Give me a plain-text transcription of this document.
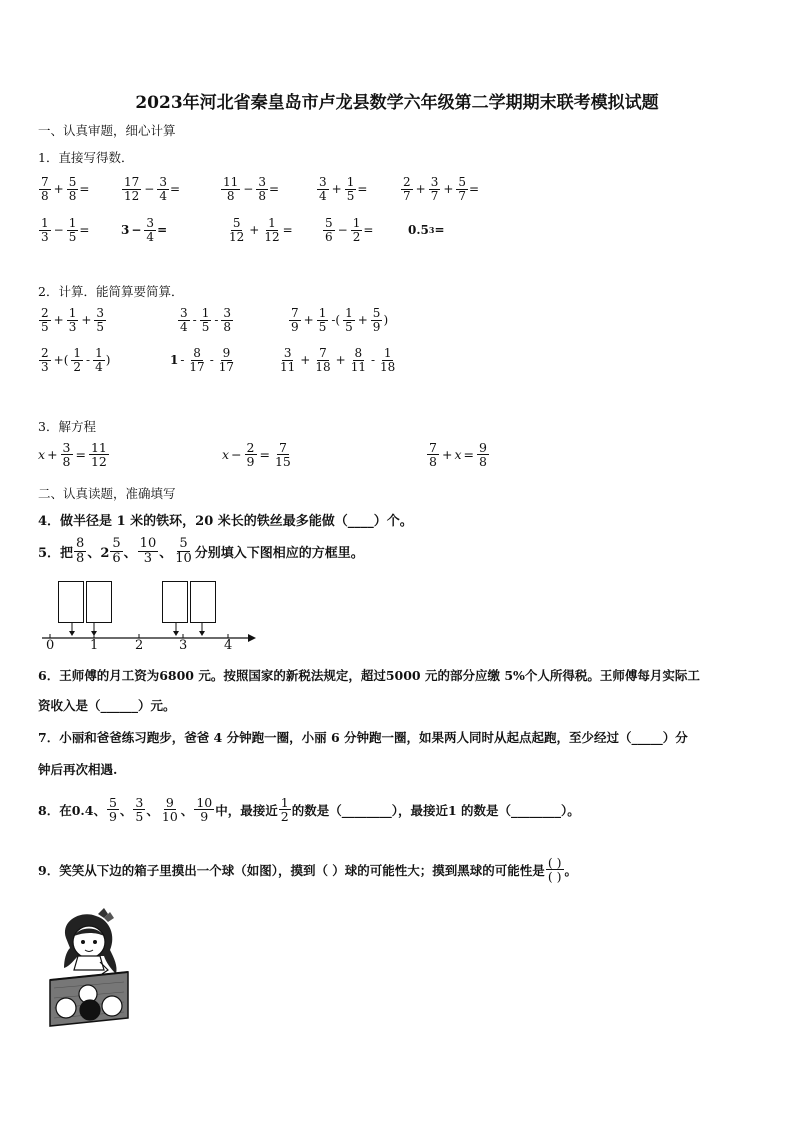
2023年河北省秦皇岛市卢龙县数学六年级第二学期期末联考模拟试题
一、认真审题，细心计算
1．直接写得数．
$\frac{7}{8} + \frac{5}{8}$ =	$\frac{17}{12} - \frac{3}{4}$ =	$\frac{11}{8} - \frac{3}{8}$ =	$\frac{3}{4} + \frac{1}{5}$ =	$\frac{2}{7} + \frac{3}{7} + \frac{5}{7}$ =
$\frac{1}{3} - \frac{1}{5}$ =	$3 - \frac{3}{4}$ =	$\frac{5}{12} + \frac{1}{12}$ =	$\frac{5}{6} - \frac{1}{2}$ =	0.5 3 =
2．计算．能简算要简算．
$\frac{2}{5} + \frac{1}{3} + \frac{3}{5}$	$\frac{3}{4} - \frac{1}{5} - \frac{3}{8}$	$\frac{7}{9} + \frac{1}{5}$ -( $\frac{1}{5} + \frac{5}{9}$ )
$\frac{2}{3}$ +( $\frac{1}{2} - \frac{1}{4}$ )	$1 - \frac{8}{17} - \frac{9}{17}$	$\frac{3}{11} + \frac{7}{18} + \frac{8}{11} - \frac{1}{18}$
3．解方程
$x + \frac{3}{8} = \frac{11}{12}$	$x - \frac{2}{9} = \frac{7}{15}$	$\frac{7}{8} + x = \frac{9}{8}$
二、认真读题，准确填写
4．做半径是 1 米的铁环，20 米长的铁丝最多能做（____）个。
5．把 $\frac{8}{8}$ 、$2 \frac{5}{6}$ 、 $\frac{10}{3}$ 、 $\frac{5}{10}$ 分别填入下图相应的方框里。
0	1	2	3	4
6．王师傅的月工资为6800 元。按照国家的新税法规定，超过5000 元的部分应缴 5%个人所得税。王师傅每月实际工
资收入是（______）元。
7．小丽和爸爸练习跑步，爸爸 4 分钟跑一圈，小丽 6 分钟跑一圈，如果两人同时从起点起跑，至少经过（_____）分
钟后再次相遇.
8．在0.4、 $\frac{5}{9}$ 、 $\frac{3}{5}$ 、 $\frac{9}{10}$ 、 $\frac{10}{9}$ 中，最接近 $\frac{1}{2}$ 的数是（________），最接近1 的数是（________）。
9．笑笑从下边的箱子里摸出一个球（如图），摸到（ ）球的可能性大；摸到黑球的可能性是 $\frac{( )}{( )}$ 。
